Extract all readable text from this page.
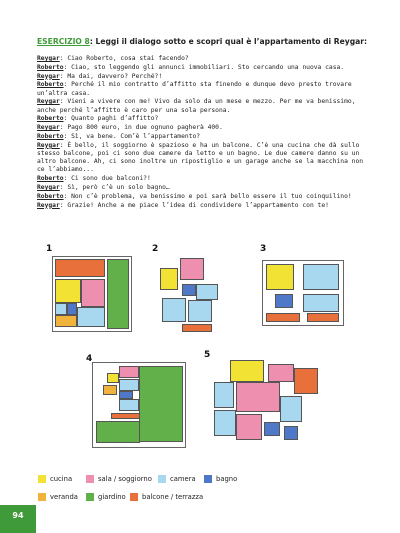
ESERCIZIO 8: Leggi il dialogo sotto e scopri qual è l’appartamento di Reygar:
Reygar: Ciao Roberto, cosa stai facendo?
Roberto: Ciao, sto leggendo gli annunci immobiliari. Sto cercando una nuova casa.
Reygar: Ma dai, davvero? Perché?!
Roberto: Perché il mio contratto d’affitto sta finendo e dunque devo presto trovare un’altra casa.
Reygar: Vieni a vivere con me! Vivo da solo da un mese e mezzo. Per me va benissimo, anche perché l’affitto è caro per una sola persona.
Roberto: Quanto paghi d’affitto?
Reygar: Pago 800 euro, in due ognuno pagherà 400.
Roberto: Sì, va bene. Com’è l’appartamento?
Reygar: È bello, il soggiorno è spazioso e ha un balcone. C’è una cucina che dà sullo stesso balcone, poi ci sono due camere da letto e un bagno. Le due camere danno su un altro balcone. Ah, ci sono inoltre un ripostiglio e un garage anche se la macchina non ce l’abbiamo...
Roberto: Ci sono due balconi?!
Reygar: Sì, però c’è un solo bagno…
Roberto: Non c’è problema, va benissimo e poi sarà bello essere il tuo coinquilino!
Reygar: Grazie! Anche a me piace l’idea di condividere l’appartamento con te!
1	2	3
4	5
cucina	sala / soggiorno	camera	bagno
veranda	giardino balcone / terrazza
94
